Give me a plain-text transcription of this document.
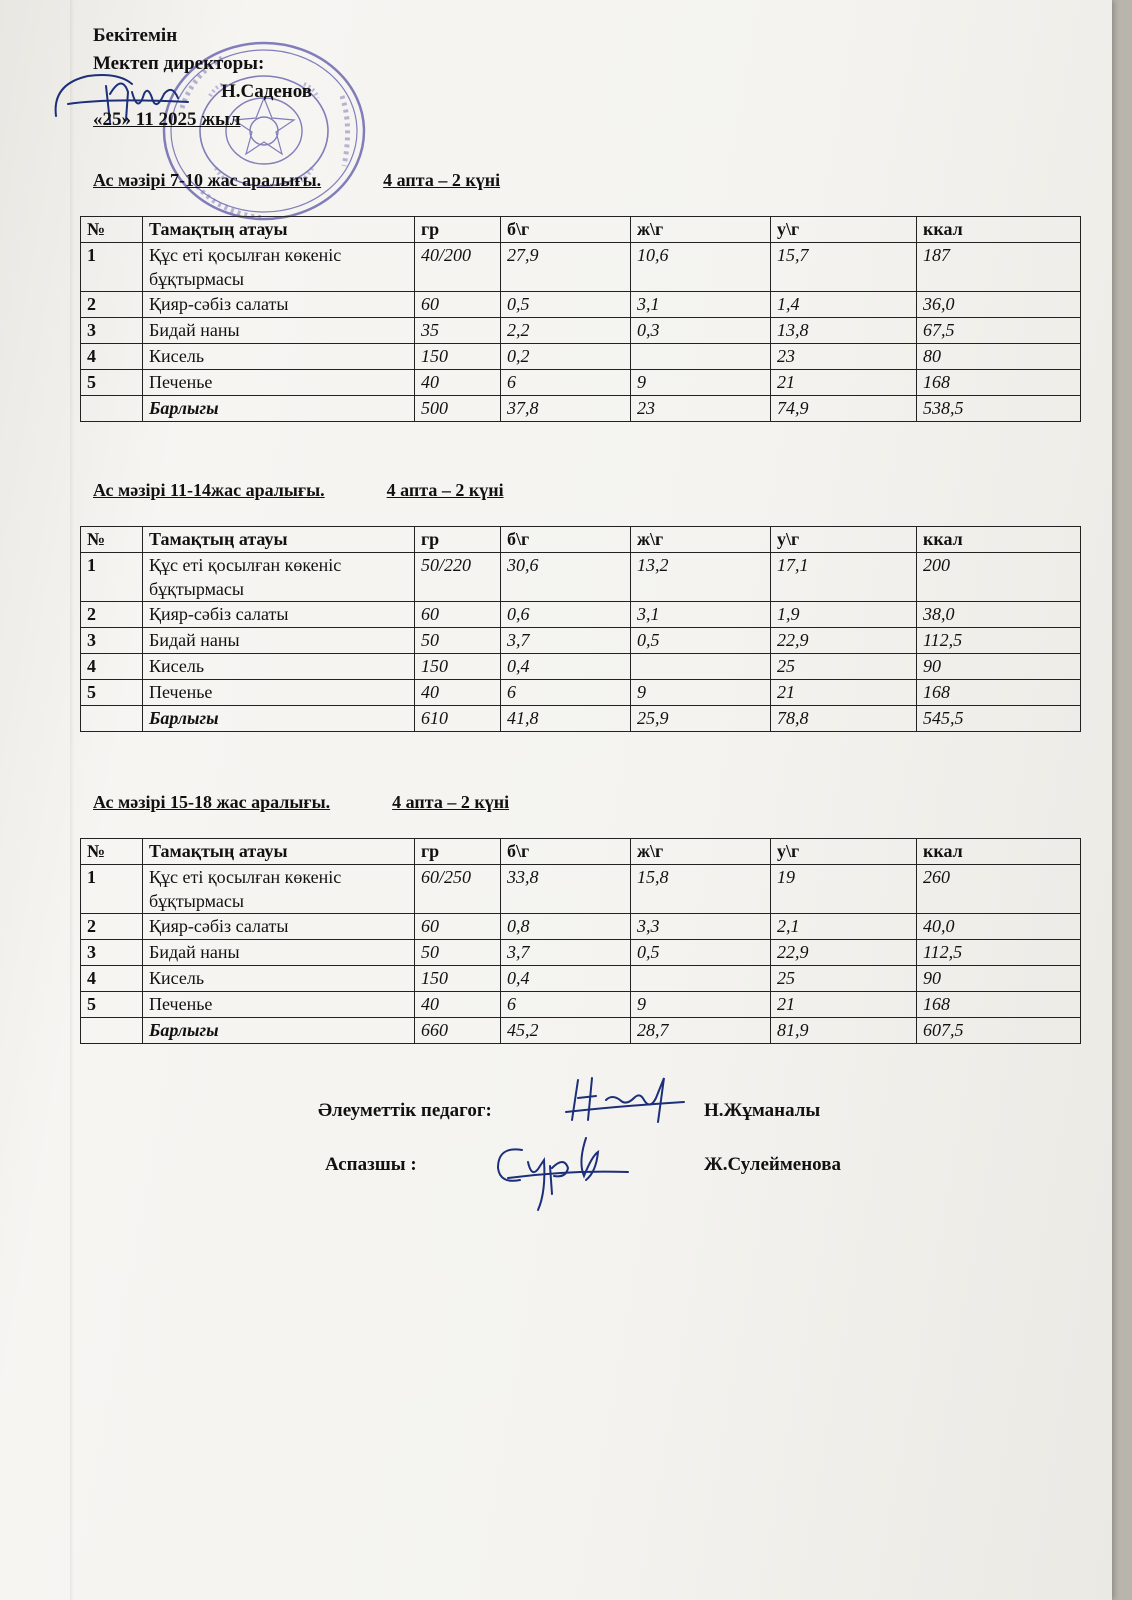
Бекітемін
Мектеп директоры:
Н.Саденов
«25» 11 2025 жыл
Ас мәзірі 7-10 жас аралығы.	4 апта – 2 күні
№	Тамақтың атауы	гр	б\г	ж\г	у\г	ккал
1	Құс еті қосылған көкеніс бұқтырмасы	40/200	27,9	10,6	15,7	187
2	Қияр-сәбіз салаты	60	0,5	3,1	1,4	36,0
3	Бидай наны	35	2,2	0,3	13,8	67,5
4	Кисель	150	0,2		23	80
5	Печенье	40	6	9	21	168
	Барлыгы	500	37,8	23	74,9	538,5
Ас мәзірі 11-14жас аралығы.	4 апта – 2 күні
№	Тамақтың атауы	гр	б\г	ж\г	у\г	ккал
1	Құс еті қосылған көкеніс бұқтырмасы	50/220	30,6	13,2	17,1	200
2	Қияр-сәбіз салаты	60	0,6	3,1	1,9	38,0
3	Бидай наны	50	3,7	0,5	22,9	112,5
4	Кисель	150	0,4		25	90
5	Печенье	40	6	9	21	168
	Барлыгы	610	41,8	25,9	78,8	545,5
Ас мәзірі 15-18 жас аралығы.	4 апта – 2 күні
№	Тамақтың атауы	гр	б\г	ж\г	у\г	ккал
1	Құс еті қосылған көкеніс бұқтырмасы	60/250	33,8	15,8	19	260
2	Қияр-сәбіз салаты	60	0,8	3,3	2,1	40,0
3	Бидай наны	50	3,7	0,5	22,9	112,5
4	Кисель	150	0,4		25	90
5	Печенье	40	6	9	21	168
	Барлыгы	660	45,2	28,7	81,9	607,5
Әлеуметтік педагог:	Н.Жұманалы
Аспазшы :	Ж.Сулейменова
